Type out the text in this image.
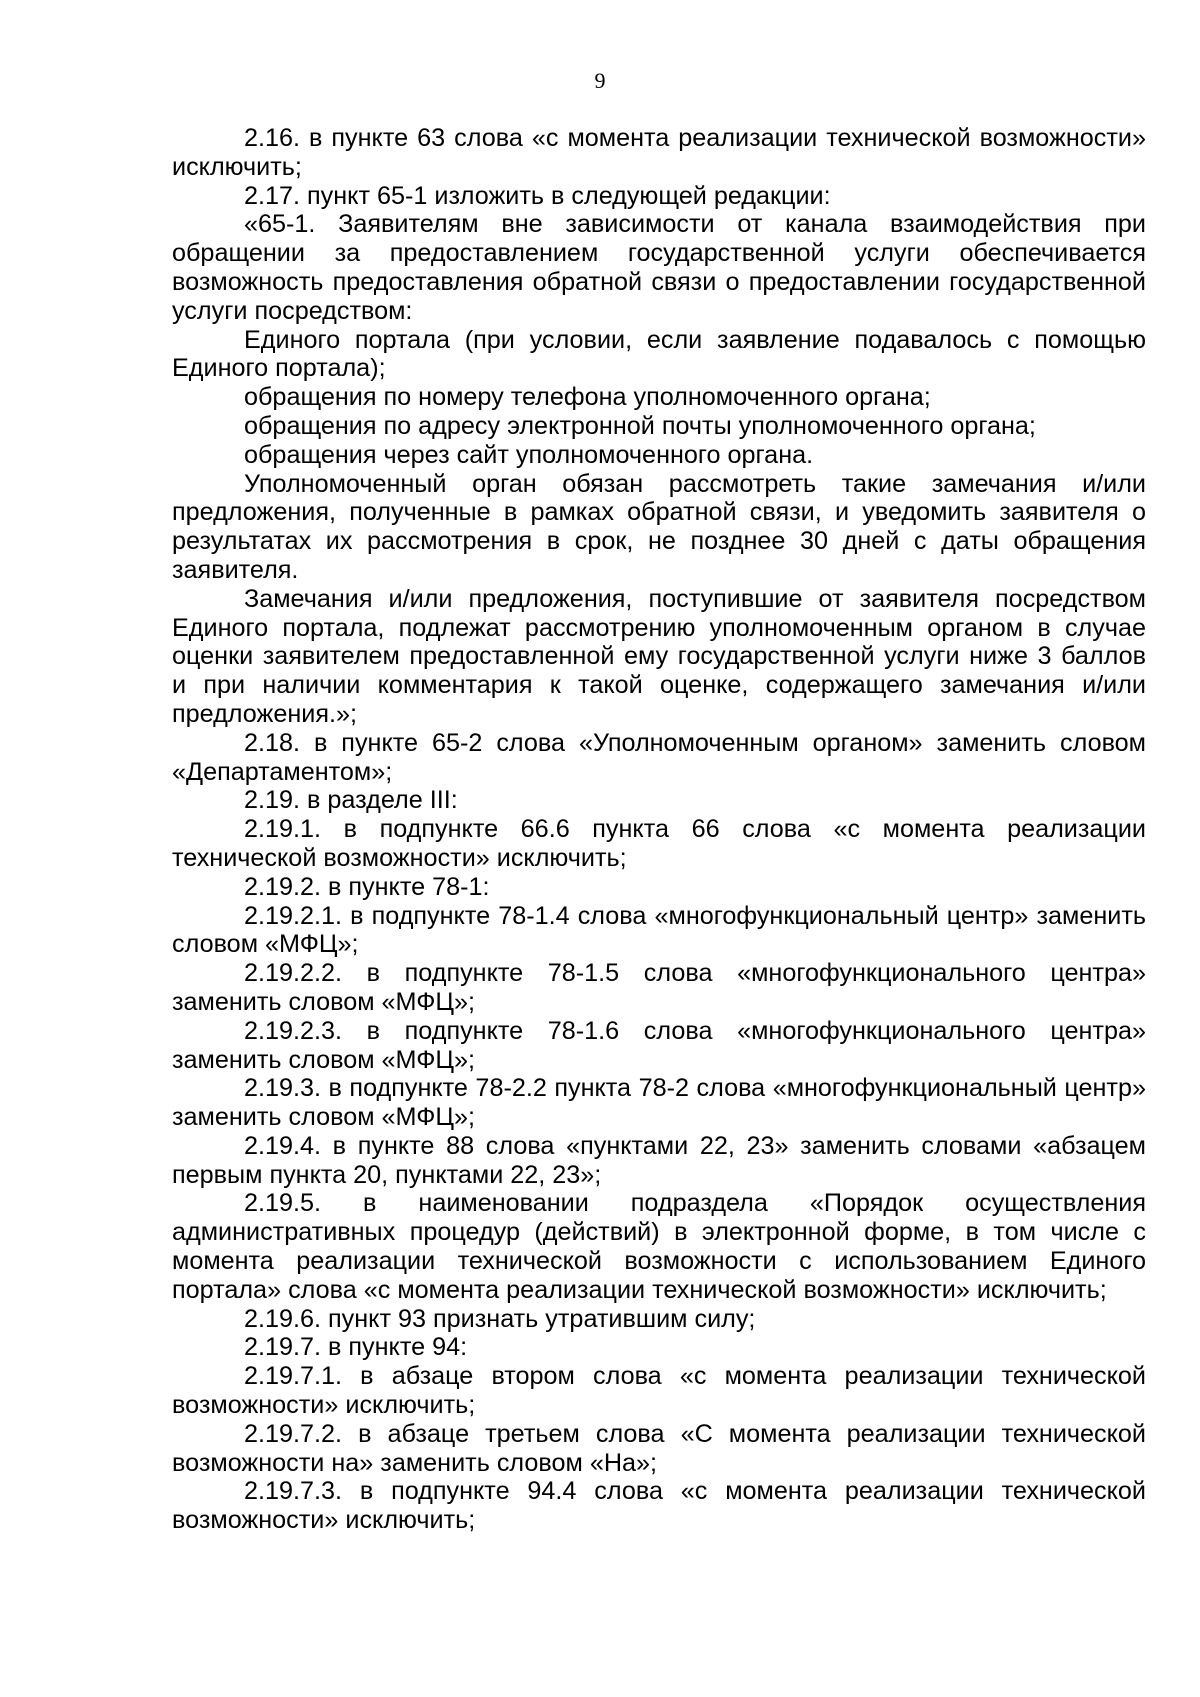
9

2.16. в пункте 63 слова «с момента реализации технической возможности» исключить;

2.17. пункт 65-1 изложить в следующей редакции:

«65-1. Заявителям вне зависимости от канала взаимодействия при обращении за предоставлением государственной услуги обеспечивается возможность предоставления обратной связи о предоставлении государственной услуги посредством:

Единого портала (при условии, если заявление подавалось с помощью Единого портала);

обращения по номеру телефона уполномоченного органа;

обращения по адресу электронной почты уполномоченного органа;

обращения через сайт уполномоченного органа.

Уполномоченный орган обязан рассмотреть такие замечания и/или предложения, полученные в рамках обратной связи, и уведомить заявителя о результатах их рассмотрения в срок, не позднее 30 дней с даты обращения заявителя.

Замечания и/или предложения, поступившие от заявителя посредством Единого портала, подлежат рассмотрению уполномоченным органом в случае оценки заявителем предоставленной ему государственной услуги ниже 3 баллов и при наличии комментария к такой оценке, содержащего замечания и/или предложения.»;

2.18. в пункте 65-2 слова «Уполномоченным органом» заменить словом «Департаментом»;

2.19. в разделе III:

2.19.1. в подпункте 66.6 пункта 66 слова «с момента реализации технической возможности» исключить;

2.19.2. в пункте 78-1:

2.19.2.1. в подпункте 78-1.4 слова «многофункциональный центр» заменить словом «МФЦ»;

2.19.2.2. в подпункте 78-1.5 слова «многофункционального центра» заменить словом «МФЦ»;

2.19.2.3. в подпункте 78-1.6 слова «многофункционального центра» заменить словом «МФЦ»;

2.19.3. в подпункте 78-2.2 пункта 78-2 слова «многофункциональный центр» заменить словом «МФЦ»;

2.19.4. в пункте 88 слова «пунктами 22, 23» заменить словами «абзацем первым пункта 20, пунктами 22, 23»;

2.19.5. в наименовании подраздела «Порядок осуществления административных процедур (действий) в электронной форме, в том числе с момента реализации технической возможности с использованием Единого портала» слова «с момента реализации технической возможности» исключить;

2.19.6. пункт 93 признать утратившим силу;

2.19.7. в пункте 94:

2.19.7.1. в абзаце втором слова «с момента реализации технической возможности» исключить;

2.19.7.2. в абзаце третьем слова «С момента реализации технической возможности на» заменить словом «На»;

2.19.7.3. в подпункте 94.4 слова «с момента реализации технической возможности» исключить;
